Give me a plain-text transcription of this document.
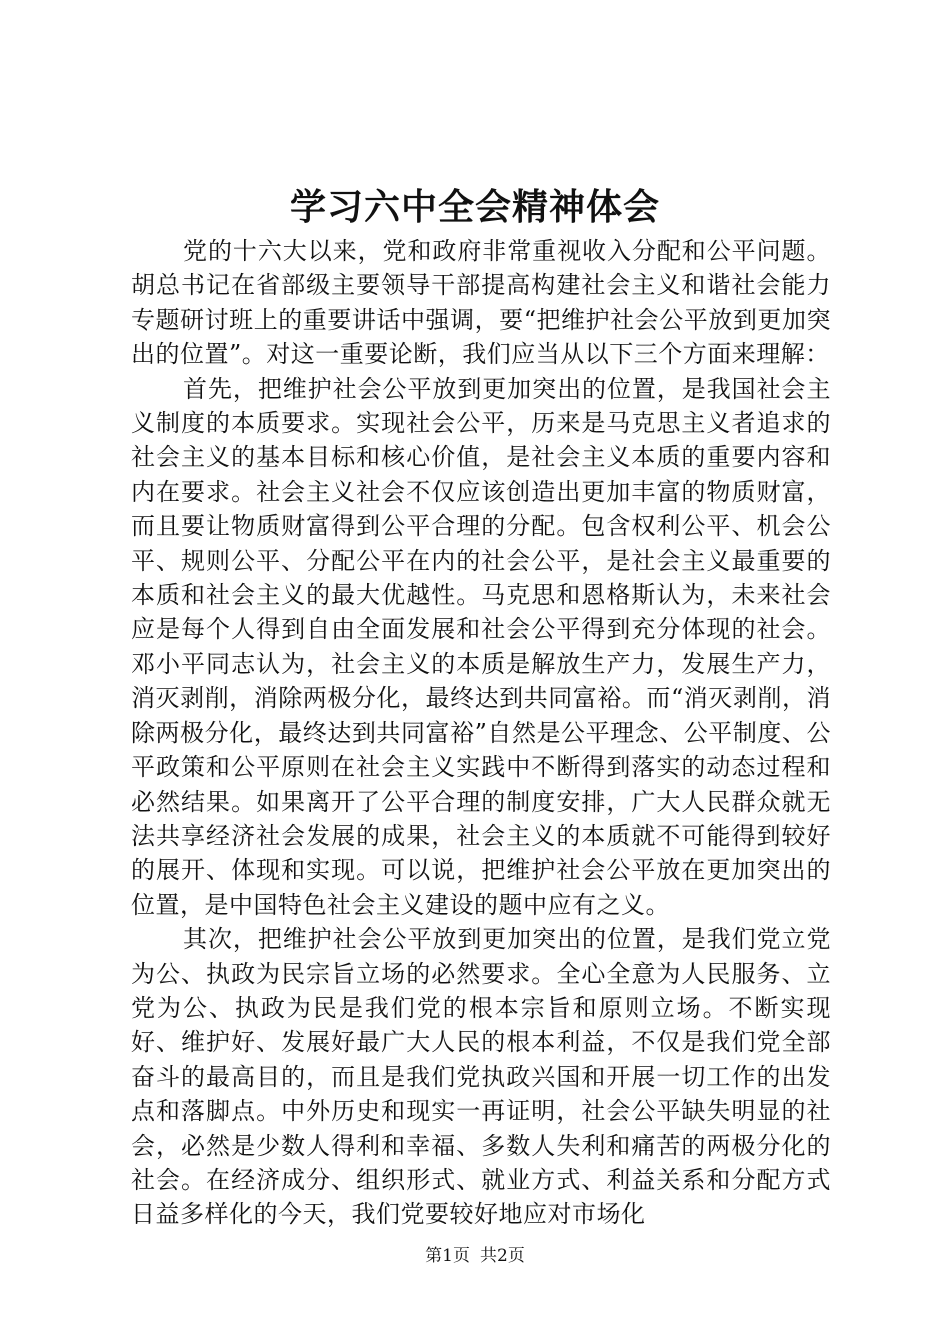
学习六中全会精神体会

党的十六大以来，党和政府非常重视收入分配和公平问题。胡总书记在省部级主要领导干部提高构建社会主义和谐社会能力专题研讨班上的重要讲话中强调，要“把维护社会公平放到更加突出的位置”。对这一重要论断，我们应当从以下三个方面来理解：

首先，把维护社会公平放到更加突出的位置，是我国社会主义制度的本质要求。实现社会公平，历来是马克思主义者追求的社会主义的基本目标和核心价值，是社会主义本质的重要内容和内在要求。社会主义社会不仅应该创造出更加丰富的物质财富，而且要让物质财富得到公平合理的分配。包含权利公平、机会公平、规则公平、分配公平在内的社会公平，是社会主义最重要的本质和社会主义的最大优越性。马克思和恩格斯认为，未来社会应是每个人得到自由全面发展和社会公平得到充分体现的社会。邓小平同志认为，社会主义的本质是解放生产力，发展生产力，消灭剥削，消除两极分化，最终达到共同富裕。而“消灭剥削，消除两极分化，最终达到共同富裕”自然是公平理念、公平制度、公平政策和公平原则在社会主义实践中不断得到落实的动态过程和必然结果。如果离开了公平合理的制度安排，广大人民群众就无法共享经济社会发展的成果，社会主义的本质就不可能得到较好的展开、体现和实现。可以说，把维护社会公平放在更加突出的位置，是中国特色社会主义建设的题中应有之义。

其次，把维护社会公平放到更加突出的位置，是我们党立党为公、执政为民宗旨立场的必然要求。全心全意为人民服务、立党为公、执政为民是我们党的根本宗旨和原则立场。不断实现好、维护好、发展好最广大人民的根本利益，不仅是我们党全部奋斗的最高目的，而且是我们党执政兴国和开展一切工作的出发点和落脚点。中外历史和现实一再证明，社会公平缺失明显的社会，必然是少数人得利和幸福、多数人失利和痛苦的两极分化的社会。在经济成分、组织形式、就业方式、利益关系和分配方式日益多样化的今天，我们党要较好地应对市场化

第1页 共2页
